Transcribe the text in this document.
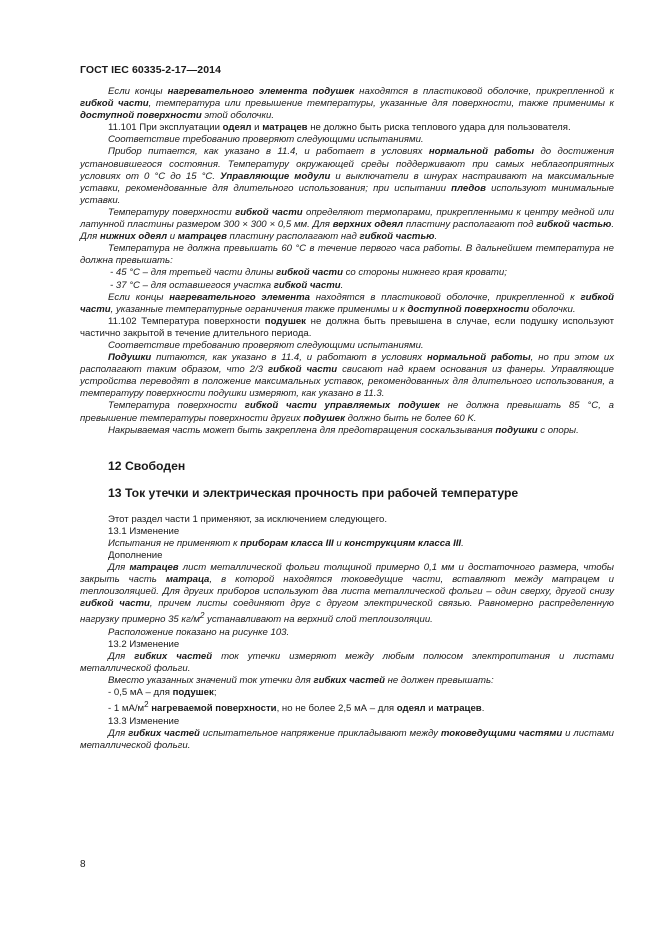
ГОСТ IEC 60335-2-17—2014

Если концы нагревательного элемента подушек находятся в пластиковой оболочке, прикрепленной к гибкой части, температура или превышение температуры, указанные для поверхности, также применимы к доступной поверхности этой оболочки.

11.101 При эксплуатации одеял и матрацев не должно быть риска теплового удара для пользователя.

Соответствие требованию проверяют следующими испытаниями.

Прибор питается, как указано в 11.4, и работает в условиях нормальной работы до достижения установившегося состояния. Температуру окружающей среды поддерживают при самых неблагоприятных условиях от 0 °C до 15 °C. Управляющие модули и выключатели в шнурах настраивают на максимальные уставки, рекомендованные для длительного использования; при испытании пледов используют минимальные уставки.

Температуру поверхности гибкой части определяют термопарами, прикрепленными к центру медной или латунной пластины размером 300 × 300 × 0,5 мм. Для верхних одеял пластину располагают под гибкой частью. Для нижних одеял и матрацев пластину располагают над гибкой частью.

Температура не должна превышать 60 °C в течение первого часа работы. В дальнейшем температура не должна превышать:

- 45 °C – для третьей части длины гибкой части со стороны нижнего края кровати;

- 37 °C – для оставшегося участка гибкой части.

Если концы нагревательного элемента находятся в пластиковой оболочке, прикрепленной к гибкой части, указанные температурные ограничения также применимы и к доступной поверхности оболочки.

11.102 Температура поверхности подушек не должна быть превышена в случае, если подушку используют частично закрытой в течение длительного периода.

Соответствие требованию проверяют следующими испытаниями.

Подушки питаются, как указано в 11.4, и работают в условиях нормальной работы, но при этом их располагают таким образом, что 2/3 гибкой части свисают над краем основания из фанеры. Управляющие устройства переводят в положение максимальных уставок, рекомендованных для длительного использования, а температуру поверхности подушки измеряют, как указано в 11.3.

Температура поверхности гибкой части управляемых подушек не должна превышать 85 °C, а превышение температуры поверхности других подушек должно быть не более 60 K.

Накрываемая часть может быть закреплена для предотвращения соскальзывания подушки с опоры.

12 Свободен
13 Ток утечки и электрическая прочность при рабочей температуре

Этот раздел части 1 применяют, за исключением следующего.

13.1 Изменение

Испытания не применяют к приборам класса III и конструкциям класса III.

Дополнение

Для матрацев лист металлической фольги толщиной примерно 0,1 мм и достаточного размера, чтобы закрыть часть матраца, в которой находятся токоведущие части, вставляют между матрацем и теплоизоляцией. Для других приборов используют два листа металлической фольги – один сверху, другой снизу гибкой части, причем листы соединяют друг с другом электрической связью. Равномерно распределенную нагрузку примерно 35 $кг/м^2$ устанавливают на верхний слой теплоизоляции.

Расположение показано на рисунке 103.

13.2 Изменение

Для гибких частей ток утечки измеряют между любым полюсом электропитания и листами металлической фольги.

Вместо указанных значений ток утечки для гибких частей не должен превышать:

- 0,5 мА – для подушек;

- 1 $мА/м^2$ нагреваемой поверхности, но не более 2,5 мА – для одеял и матрацев.

13.3 Изменение

Для гибких частей испытательное напряжение прикладывают между токоведущими частями и листами металлической фольги.

8
